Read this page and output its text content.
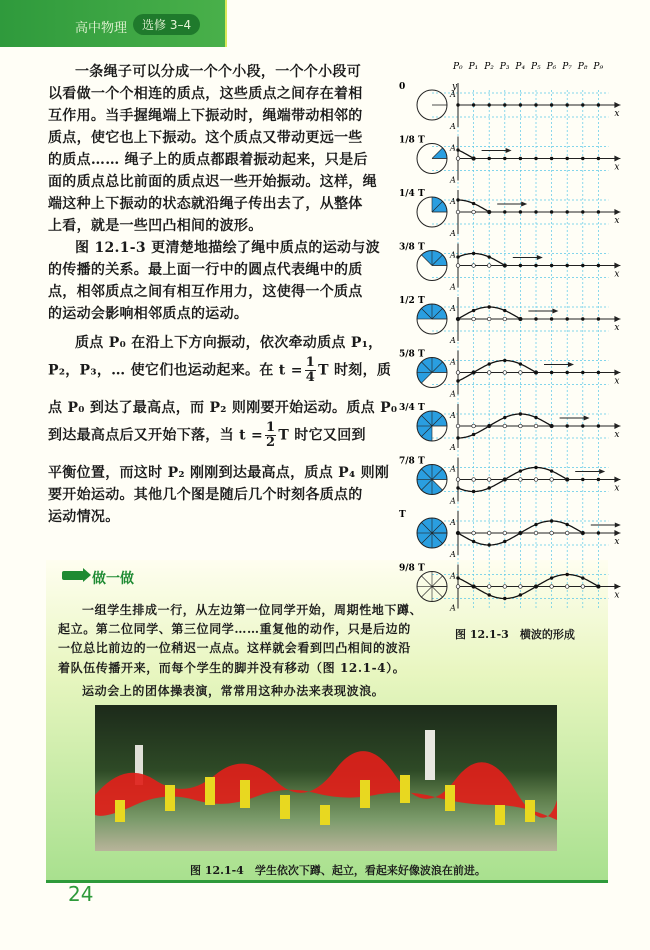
高中物理	选修 3–4
一条绳子可以分成一个个小段，一个个小段可
以看做一个个相连的质点，这些质点之间存在着相
互作用。当手握绳端上下振动时，绳端带动相邻的
质点，使它也上下振动。这个质点又带动更远一些
的质点…… 绳子上的质点都跟着振动起来，只是后
面的质点总比前面的质点迟一些开始振动。这样，绳
端这种上下振动的状态就沿绳子传出去了，从整体
上看，就是一些凹凸相间的波形。
图 12.1-3 更清楚地描绘了绳中质点的运动与波
的传播的关系。最上面一行中的圆点代表绳中的质
点，相邻质点之间有相互作用力，这使得一个质点
的运动会影响相邻质点的运动。
质点 P₀ 在沿上下方向振动，依次牵动质点 P₁，
P₂，P₃，… 使它们也运动起来。在 $t = \frac{1}{4}$ T 时刻，质
点 P₀ 到达了最高点，而 P₂ 则刚要开始运动。质点 P₀
到达最高点后又开始下落，当 $t = \frac{1}{2}$ T 时它又回到
平衡位置，而这时 P₂ 刚刚到达最高点，质点 P₄ 则刚
要开始运动。其他几个图是随后几个时刻各质点的
运动情况。
P₀ P₁ P₂ P₃ P₄ P₅ P₆ P₇ P₈ P₉
x
A
A
y
0
x
A
A
1/8 T
x
A
A
1/4 T
x
A
A
3/8 T
x
A
A
1/2 T
x
A
A
5/8 T
x
A
A
3/4 T
x
A
A
7/8 T
x
A
A
T
x
A
A
9/8 T
图 12.1-3　横波的形成
做一做
一组学生排成一行，从左边第一位同学开始，周期性地下蹲、
起立。第二位同学、第三位同学……重复他的动作，只是后边的
一位总比前边的一位稍迟一点点。这样就会看到凹凸相间的波沿
着队伍传播开来，而每个学生的脚并没有移动（图 12.1-4）。
运动会上的团体操表演，常常用这种办法来表现波浪。
图 12.1-4　学生依次下蹲、起立，看起来好像波浪在前进。
24
